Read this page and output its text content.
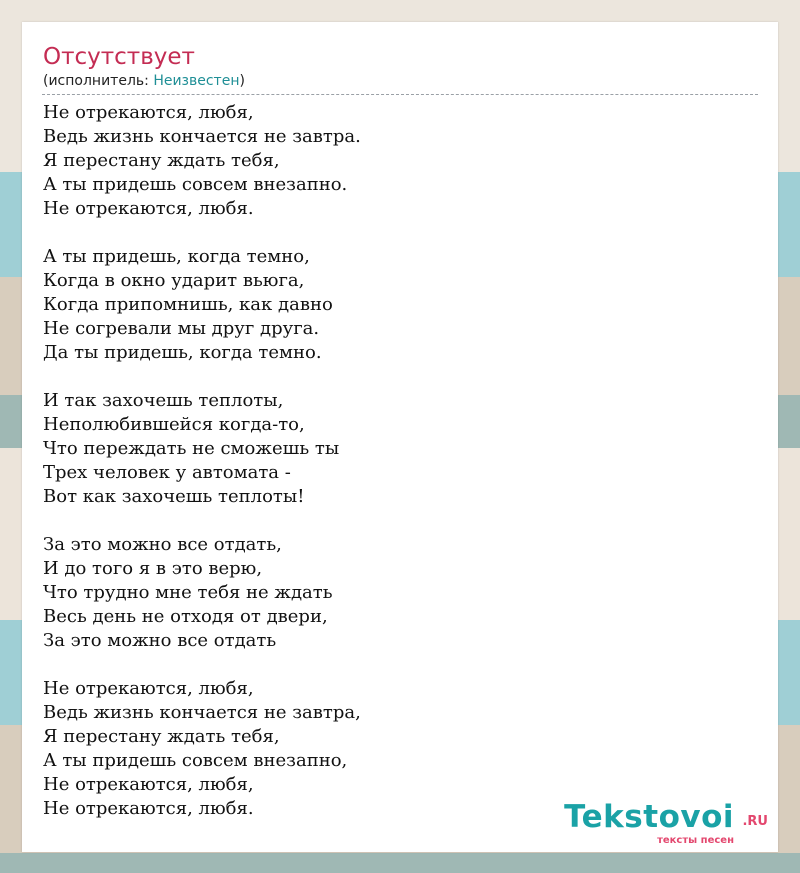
Отсутствует
(исполнитель: Неизвестен)
Не отрекаются, любя,
Ведь жизнь кончается не завтра.
Я перестану ждать тебя,
А ты придешь совсем внезапно.
Не отрекаются, любя.
А ты придешь, когда темно,
Когда в окно ударит вьюга,
Когда припомнишь, как давно
Не согревали мы друг друга.
Да ты придешь, когда темно.
И так захочешь теплоты,
Неполюбившейся когда-то,
Что переждать не сможешь ты
Трех человек у автомата -
Вот как захочешь теплоты!
За это можно все отдать,
И до того я в это верю,
Что трудно мне тебя не ждать
Весь день не отходя от двери,
За это можно все отдать
Не отрекаются, любя,
Ведь жизнь кончается не завтра,
Я перестану ждать тебя,
А ты придешь совсем внезапно,
Не отрекаются, любя,
Не отрекаются, любя.	Tekstovoi .RU
тексты песен
